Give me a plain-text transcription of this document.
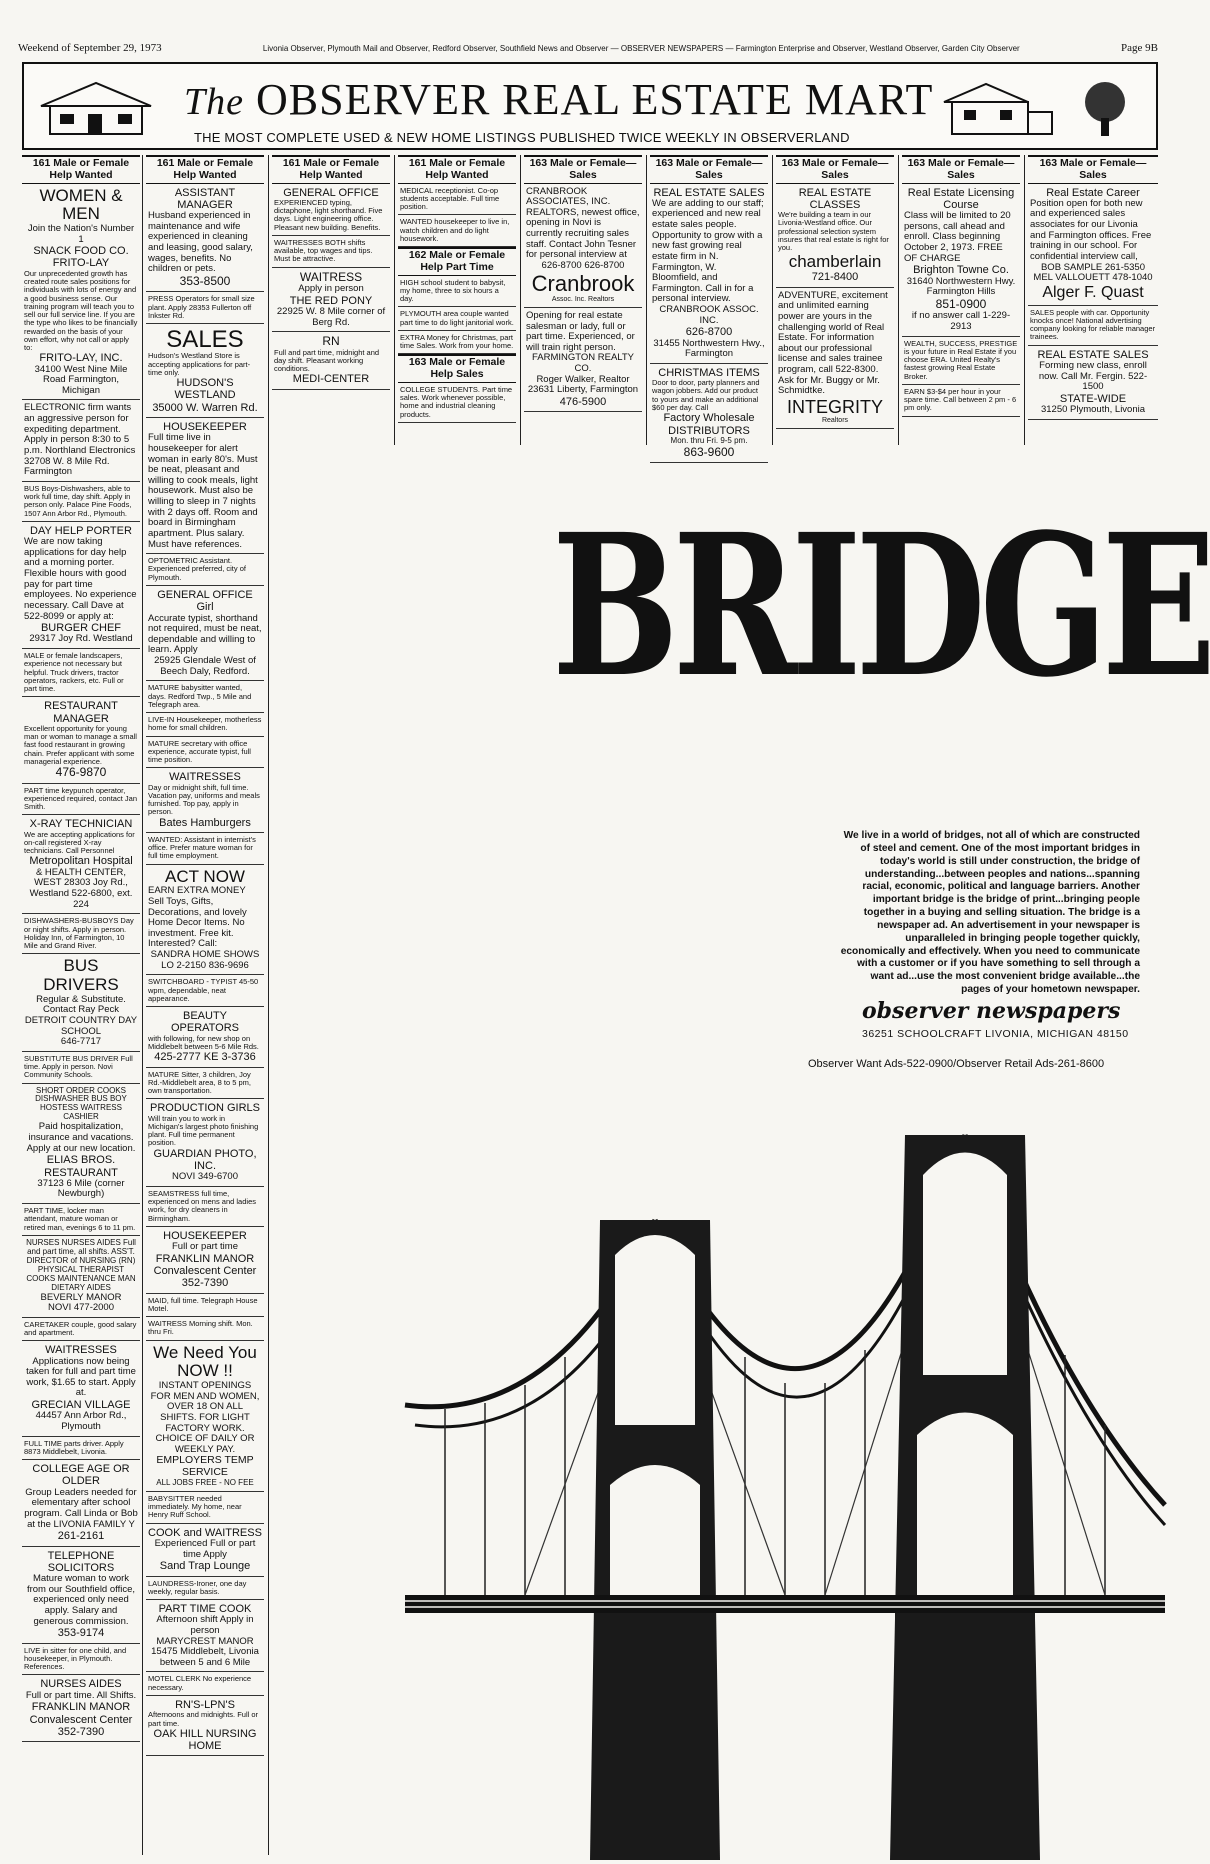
Weekend of September 29, 1973	Livonia Observer, Plymouth Mail and Observer, Redford Observer, Southfield News and Observer — OBSERVER NEWSPAPERS — Farmington Enterprise and Observer, Westland Observer, Garden City Observer	Page 9B
The OBSERVER REAL ESTATE MART
THE MOST COMPLETE USED & NEW HOME LISTINGS PUBLISHED TWICE WEEKLY IN OBSERVERLAND
161 Male or Female Help Wanted
WOMEN & MEN
Join the Nation's Number 1
SNACK FOOD CO. FRITO-LAY
Our unprecedented growth has created route sales positions for individuals with lots of energy and a good business sense. Our training program will teach you to sell our full service line. If you are the type who likes to be financially rewarded on the basis of your own effort, why not call or apply to:
FRITO-LAY, INC.
34100 West Nine Mile Road Farmington, Michigan
ELECTRONIC firm wants an aggressive person for expediting department. Apply in person 8:30 to 5 p.m. Northland Electronics 32708 W. 8 Mile Rd. Farmington
BUS Boys-Dishwashers, able to work full time, day shift. Apply in person only. Palace Pine Foods, 1507 Ann Arbor Rd., Plymouth.
DAY HELP PORTER
We are now taking applications for day help and a morning porter. Flexible hours with good pay for part time employees. No experience necessary. Call Dave at 522-8099 or apply at:
BURGER CHEF
29317 Joy Rd. Westland
MALE or female landscapers, experience not necessary but helpful. Truck drivers, tractor operators, rackers, etc. Full or part time.
RESTAURANT MANAGER
Excellent opportunity for young man or woman to manage a small fast food restaurant in growing chain. Prefer applicant with some managerial experience.
476-9870
PART time keypunch operator, experienced required, contact Jan Smith.
X-RAY TECHNICIAN
We are accepting applications for on-call registered X-ray technicians. Call Personnel
Metropolitan Hospital
& HEALTH CENTER, WEST 28303 Joy Rd., Westland 522-6800, ext. 224
DISHWASHERS-BUSBOYS Day or night shifts. Apply in person. Holiday Inn, of Farmington, 10 Mile and Grand River.
BUS DRIVERS
Regular & Substitute. Contact Ray Peck DETROIT COUNTRY DAY SCHOOL
646-7717
SUBSTITUTE BUS DRIVER Full time. Apply in person. Novi Community Schools.
SHORT ORDER COOKS DISHWASHER BUS BOY HOSTESS WAITRESS CASHIER
Paid hospitalization, insurance and vacations. Apply at our new location.
ELIAS BROS. RESTAURANT
37123 6 Mile (corner Newburgh)
PART TIME, locker man attendant, mature woman or retired man, evenings 6 to 11 pm.
NURSES NURSES AIDES Full and part time, all shifts. ASS'T. DIRECTOR of NURSING (RN) PHYSICAL THERAPIST COOKS MAINTENANCE MAN DIETARY AIDES
BEVERLY MANOR
NOVI 477-2000
CARETAKER couple, good salary and apartment.
WAITRESSES
Applications now being taken for full and part time work, $1.65 to start. Apply at.
GRECIAN VILLAGE
44457 Ann Arbor Rd., Plymouth
FULL TIME parts driver. Apply 8873 Middlebelt, Livonia.
COLLEGE AGE OR OLDER
Group Leaders needed for elementary after school program. Call Linda or Bob at the LIVONIA FAMILY Y
261-2161
TELEPHONE SOLICITORS
Mature woman to work from our Southfield office, experienced only need apply. Salary and generous commission.
353-9174
LIVE in sitter for one child, and housekeeper, in Plymouth. References.
NURSES AIDES
Full or part time. All Shifts.
FRANKLIN MANOR Convalescent Center
352-7390
161 Male or Female Help Wanted
ASSISTANT MANAGER
Husband experienced in maintenance and wife experienced in cleaning and leasing, good salary, wages, benefits. No children or pets.
353-8500
PRESS Operators for small size plant. Apply 28353 Fullerton off Inkster Rd.
SALES
Hudson's Westland Store is accepting applications for part-time only.
HUDSON'S WESTLAND
35000 W. Warren Rd.
HOUSEKEEPER
Full time live in housekeeper for alert woman in early 80's. Must be neat, pleasant and willing to cook meals, light housework. Must also be willing to sleep in 7 nights with 2 days off. Room and board in Birmingham apartment. Plus salary. Must have references.
OPTOMETRIC Assistant. Experienced preferred, city of Plymouth.
GENERAL OFFICE Girl
Accurate typist, shorthand not required, must be neat, dependable and willing to learn. Apply
25925 Glendale West of Beech Daly, Redford.
MATURE babysitter wanted, days. Redford Twp., 5 Mile and Telegraph area.
LIVE-IN Housekeeper, motherless home for small children.
MATURE secretary with office experience, accurate typist, full time position.
WAITRESSES
Day or midnight shift, full time. Vacation pay, uniforms and meals furnished. Top pay, apply in person.
Bates Hamburgers
WANTED: Assistant in internist's office. Prefer mature woman for full time employment.
ACT NOW
EARN EXTRA MONEY Sell Toys, Gifts, Decorations, and lovely Home Decor Items. No investment. Free kit. Interested? Call:
SANDRA HOME SHOWS
LO 2-2150 836-9696
SWITCHBOARD - TYPIST 45-50 wpm, dependable, neat appearance.
BEAUTY OPERATORS
with following, for new shop on Middlebelt between 5-6 Mile Rds.
425-2777 KE 3-3736
MATURE Sitter, 3 children, Joy Rd.-Middlebelt area, 8 to 5 pm, own transportation.
PRODUCTION GIRLS
Will train you to work in Michigan's largest photo finishing plant. Full time permanent position.
GUARDIAN PHOTO, INC.
NOVI 349-6700
SEAMSTRESS full time, experienced on mens and ladies work, for dry cleaners in Birmingham.
HOUSEKEEPER
Full or part time
FRANKLIN MANOR Convalescent Center
352-7390
MAID, full time. Telegraph House Motel.
WAITRESS Morning shift. Mon. thru Fri.
We Need You NOW !!
INSTANT OPENINGS FOR MEN AND WOMEN, OVER 18 ON ALL SHIFTS. FOR LIGHT FACTORY WORK. CHOICE OF DAILY OR WEEKLY PAY.
EMPLOYERS TEMP SERVICE
ALL JOBS FREE - NO FEE
BABYSITTER needed immediately. My home, near Henry Ruff School.
COOK and WAITRESS
Experienced Full or part time Apply
Sand Trap Lounge
LAUNDRESS-Ironer, one day weekly, regular basis.
PART TIME COOK
Afternoon shift Apply in person
MARYCREST MANOR
15475 Middlebelt, Livonia between 5 and 6 Mile
MOTEL CLERK No experience necessary.
RN'S-LPN'S
Afternoons and midnights. Full or part time.
OAK HILL NURSING HOME
161 Male or Female Help Wanted
GENERAL OFFICE
EXPERIENCED typing, dictaphone, light shorthand. Five days. Light engineering office. Pleasant new building. Benefits.
WAITRESSES BOTH shifts available, top wages and tips. Must be attractive.
WAITRESS
Apply in person
THE RED PONY
22925 W. 8 Mile corner of Berg Rd.
RN
Full and part time, midnight and day shift. Pleasant working conditions.
MEDI-CENTER
161 Male or Female Help Wanted
MEDICAL receptionist. Co-op students acceptable. Full time position.
WANTED housekeeper to live in, watch children and do light housework.
162 Male or Female Help Part Time
HIGH school student to babysit, my home, three to six hours a day.
PLYMOUTH area couple wanted part time to do light janitorial work.
EXTRA Money for Christmas, part time Sales. Work from your home.
163 Male or Female Help Sales
COLLEGE STUDENTS. Part time sales. Work whenever possible, home and industrial cleaning products.
163 Male or Female— Sales
CRANBROOK ASSOCIATES, INC. REALTORS, newest office, opening in Novi is currently recruiting sales staff. Contact John Tesner for personal interview at
626-8700 626-8700
Cranbrook
Assoc. Inc. Realtors
Opening for real estate salesman or lady, full or part time. Experienced, or will train right person.
FARMINGTON REALTY CO.
Roger Walker, Realtor 23631 Liberty, Farmington
476-5900
163 Male or Female— Sales
REAL ESTATE SALES
We are adding to our staff; experienced and new real estate sales people. Opportunity to grow with a new fast growing real estate firm in N. Farmington, W. Bloomfield, and Farmington. Call in for a personal interview.
CRANBROOK ASSOC. INC.
626-8700
31455 Northwestern Hwy., Farmington
CHRISTMAS ITEMS
Door to door, party planners and wagon jobbers. Add our product to yours and make an additional $60 per day. Call
Factory Wholesale DISTRIBUTORS
Mon. thru Fri. 9-5 pm.
863-9600
163 Male or Female— Sales
REAL ESTATE CLASSES
We're building a team in our Livonia-Westland office. Our professional selection system insures that real estate is right for you.
chamberlain
721-8400
ADVENTURE, excitement and unlimited earning power are yours in the challenging world of Real Estate. For information about our professional license and sales trainee program, call 522-8300. Ask for Mr. Buggy or Mr. Schmidtke.
INTEGRITY
Realtors
163 Male or Female— Sales
Real Estate Licensing Course
Class will be limited to 20 persons, call ahead and enroll. Class beginning October 2, 1973. FREE OF CHARGE
Brighton Towne Co.
31640 Northwestern Hwy. Farmington Hills
851-0900
if no answer call 1-229-2913
WEALTH, SUCCESS, PRESTIGE is your future in Real Estate if you choose ERA. United Realty's fastest growing Real Estate Broker.
EARN $3-$4 per hour in your spare time. Call between 2 pm - 6 pm only.
163 Male or Female— Sales
Real Estate Career
Position open for both new and experienced sales associates for our Livonia and Farmington offices. Free training in our school. For confidential interview call,
BOB SAMPLE 261-5350
MEL VALLOUETT 478-1040
Alger F. Quast
SALES people with car. Opportunity knocks once! National advertising company looking for reliable manager trainees.
REAL ESTATE SALES
Forming new class, enroll now. Call Mr. Fergin. 522-1500
STATE-WIDE
31250 Plymouth, Livonia
BRIDGE
We live in a world of bridges, not all of which are constructed of steel and cement. One of the most important bridges in today's world is still under construction, the bridge of understanding...between peoples and nations...spanning racial, economic, political and language barriers. Another important bridge is the bridge of print...bringing people together in a buying and selling situation. The bridge is a newspaper ad. An advertisement in your newspaper is unparalleled in bringing people together quickly, economically and effectively. When you need to communicate with a customer or if you have something to sell through a want ad...use the most convenient bridge available...the pages of your hometown newspaper.
observer newspapers
36251 SCHOOLCRAFT LIVONIA, MICHIGAN 48150
Observer Want Ads-522-0900/Observer Retail Ads-261-8600
